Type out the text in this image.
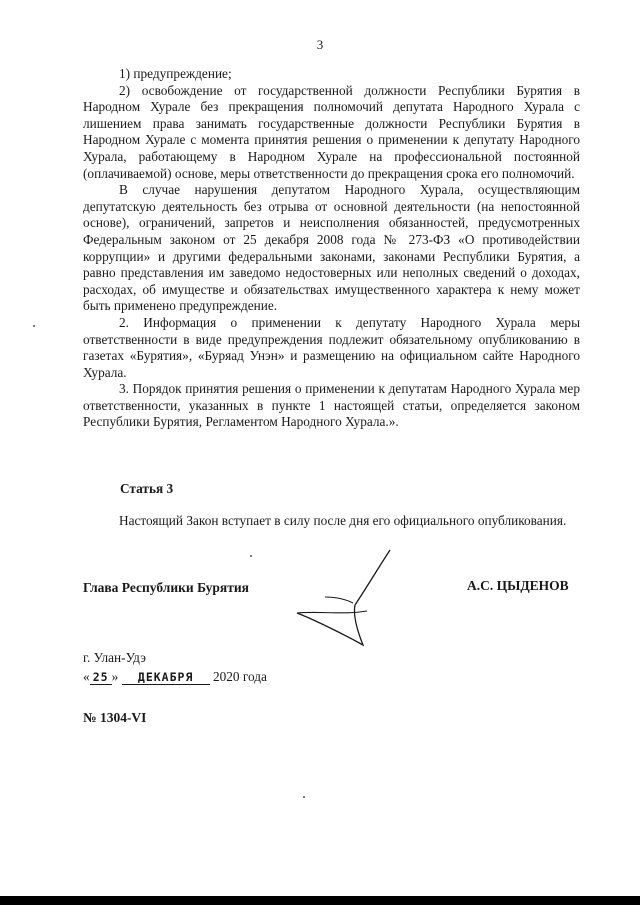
3

1) предупреждение;

2) освобождение от государственной должности Республики Бурятия в Народном Хурале без прекращения полномочий депутата Народного Хурала с лишением права занимать государственные должности Республики Бурятия в Народном Хурале с момента принятия решения о применении к депутату Народного Хурала, работающему в Народном Хурале на профессиональной постоянной (оплачиваемой) основе, меры ответственности до прекращения срока его полномочий.

В случае нарушения депутатом Народного Хурала, осуществляющим депутатскую деятельность без отрыва от основной деятельности (на непостоянной основе), ограничений, запретов и неисполнения обязанностей, предусмотренных Федеральным законом от 25 декабря 2008 года № 273-ФЗ «О противодействии коррупции» и другими федеральными законами, законами Республики Бурятия, а равно представления им заведомо недостоверных или неполных сведений о доходах, расходах, об имуществе и обязательствах имущественного характера к нему может быть применено предупреждение.

2. Информация о применении к депутату Народного Хурала меры ответственности в виде предупреждения подлежит обязательному опубликованию в газетах «Бурятия», «Буряад Унэн» и размещению на официальном сайте Народного Хурала.

3. Порядок принятия решения о применении к депутатам Народного Хурала мер ответственности, указанных в пункте 1 настоящей статьи, определяется законом Республики Бурятия, Регламентом Народного Хурала.».

Статья 3

Настоящий Закон вступает в силу после дня его официального опубликования.

Глава Республики Бурятия	А.С. ЦЫДЕНОВ
г. Улан-Удэ
« 25 » ДЕКАБРЯ 2020 года
№ 1304-VI
